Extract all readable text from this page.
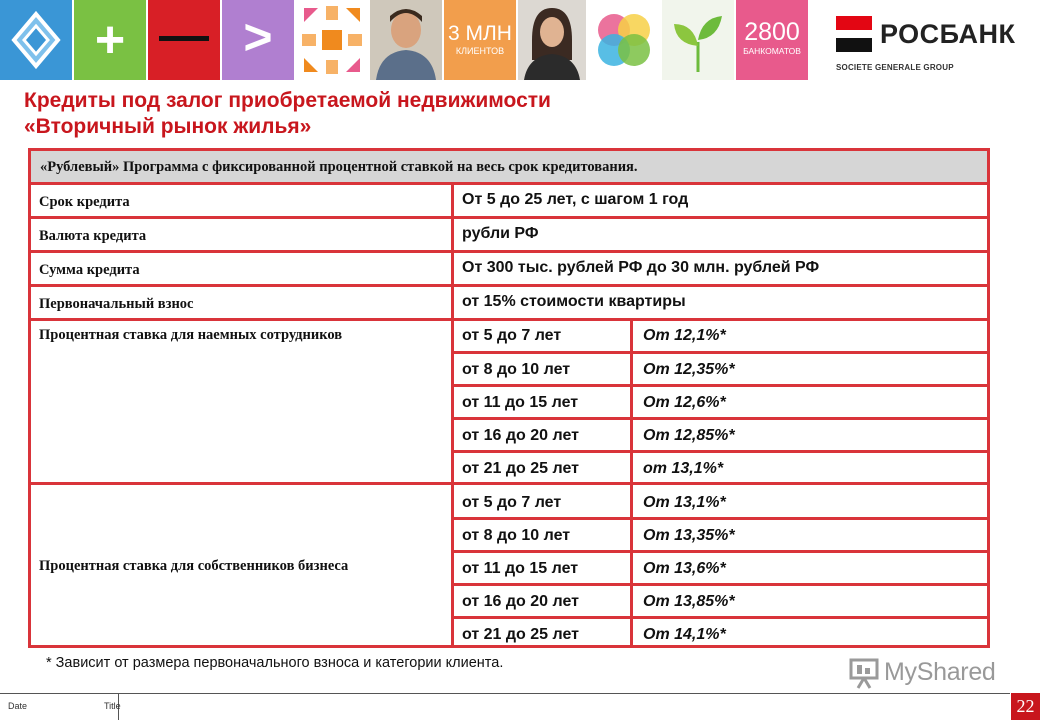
+ — >	3 МЛН
КЛИЕНТОВ
2800
БАНКОМАТОВ
РОСБАНК
SOCIETE GENERALE GROUP
Кредиты под залог приобретаемой недвижимости
«Вторичный рынок жилья»
«Рублевый» Программа с фиксированной процентной ставкой на весь срок кредитования.
Срок кредита	От 5 до 25 лет, с шагом 1 год
Валюта кредита	рубли РФ
Сумма кредита	От 300 тыс. рублей РФ до 30 млн. рублей РФ
Первоначальный взнос	от 15% стоимости квартиры
Процентная ставка для наемных сотрудников	от 5 до 7 лет	От 12,1%*
от 8 до 10 лет	От 12,35%*
от 11 до 15 лет	От 12,6%*
от 16 до 20 лет	От 12,85%*
от 21 до 25 лет	от 13,1%*
Процентная ставка для собственников бизнеса
от 5 до 7 лет	От 13,1%*
от 8 до 10 лет	От 13,35%*
от 11 до 15 лет	От 13,6%*
от 16 до 20 лет	От 13,85%*
от 21 до 25 лет	От 14,1%*
* Зависит от размера первоначального взноса и категории клиента.	MyShared
Date	Title	22
